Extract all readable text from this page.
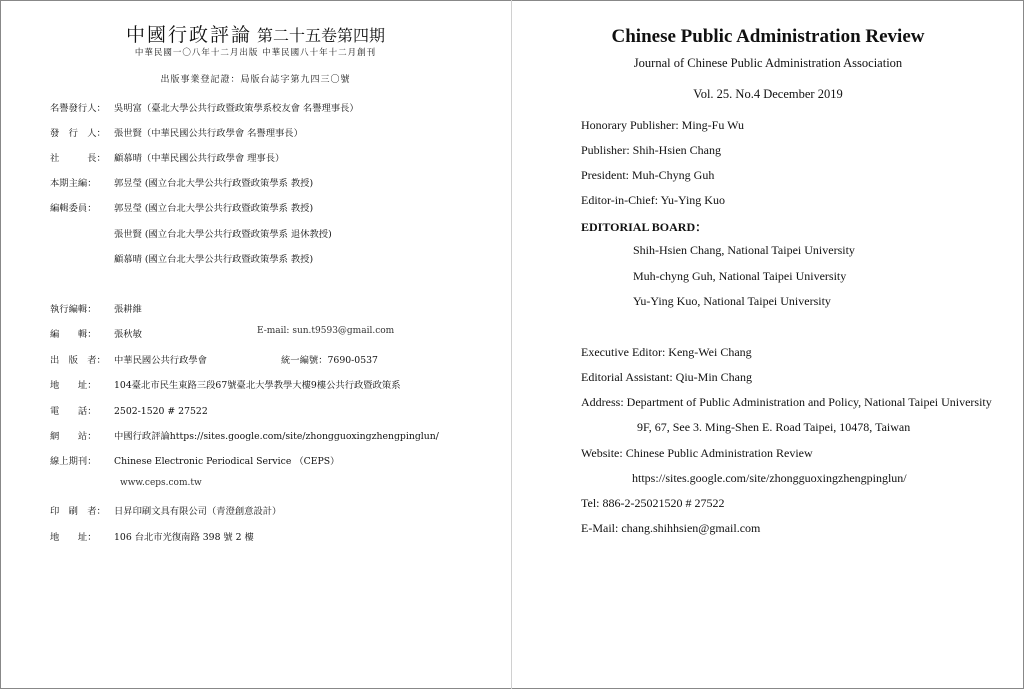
中國行政評論 第二十五卷第四期
中華民國一〇八年十二月出版 中華民國八十年十二月創刊
出版事業登記證：局版台誌字第九四三〇號
名譽發行人： 吳明富（臺北大學公共行政暨政策學系校友會 名譽理事長）
發　行　人： 張世賢（中華民國公共行政學會 名譽理事長）
社　　　長： 顧慕晴（中華民國公共行政學會 理事長）
本期主編： 郭昱瑩 (國立台北大學公共行政暨政策學系 教授)
編輯委員： 郭昱瑩 (國立台北大學公共行政暨政策學系 教授)
張世賢 (國立台北大學公共行政暨政策學系 退休教授)
顧慕晴 (國立台北大學公共行政暨政策學系 教授)
執行編輯： 張耕維
編　　輯： 張秋敏	E-mail: sun.t9593@gmail.com
出　版　者： 中華民國公共行政學會	統一編號：7690-0537
地　　址： 104臺北市民生東路三段67號臺北大學教學大樓9樓公共行政暨政策系
電　　話： 2502-1520 # 27522
網　　站： 中國行政評論https://sites.google.com/site/zhongguoxingzhengpinglun/
線上期刊： Chinese Electronic Periodical Service （CEPS）
www.ceps.com.tw
印　刷　者： 日昇印刷文具有限公司（青澄創意設計）
地　　址： 106 台北市光復南路 398 號 2 樓
Chinese Public Administration Review
Journal of Chinese Public Administration Association
Vol. 25. No.4 December 2019
Honorary Publisher: Ming-Fu Wu
Publisher: Shih-Hsien Chang
President: Muh-Chyng Guh
Editor-in-Chief: Yu-Ying Kuo
EDITORIAL BOARD：
Shih-Hsien Chang, National Taipei University
Muh-chyng Guh, National Taipei University
Yu-Ying Kuo, National Taipei University
Executive Editor: Keng-Wei Chang
Editorial Assistant: Qiu-Min Chang
Address: Department of Public Administration and Policy, National Taipei University
9F, 67, See 3. Ming-Shen E. Road Taipei, 10478, Taiwan
Website: Chinese Public Administration Review
https://sites.google.com/site/zhongguoxingzhengpinglun/
Tel: 886-2-25021520 # 27522
E-Mail: chang.shihhsien@gmail.com
